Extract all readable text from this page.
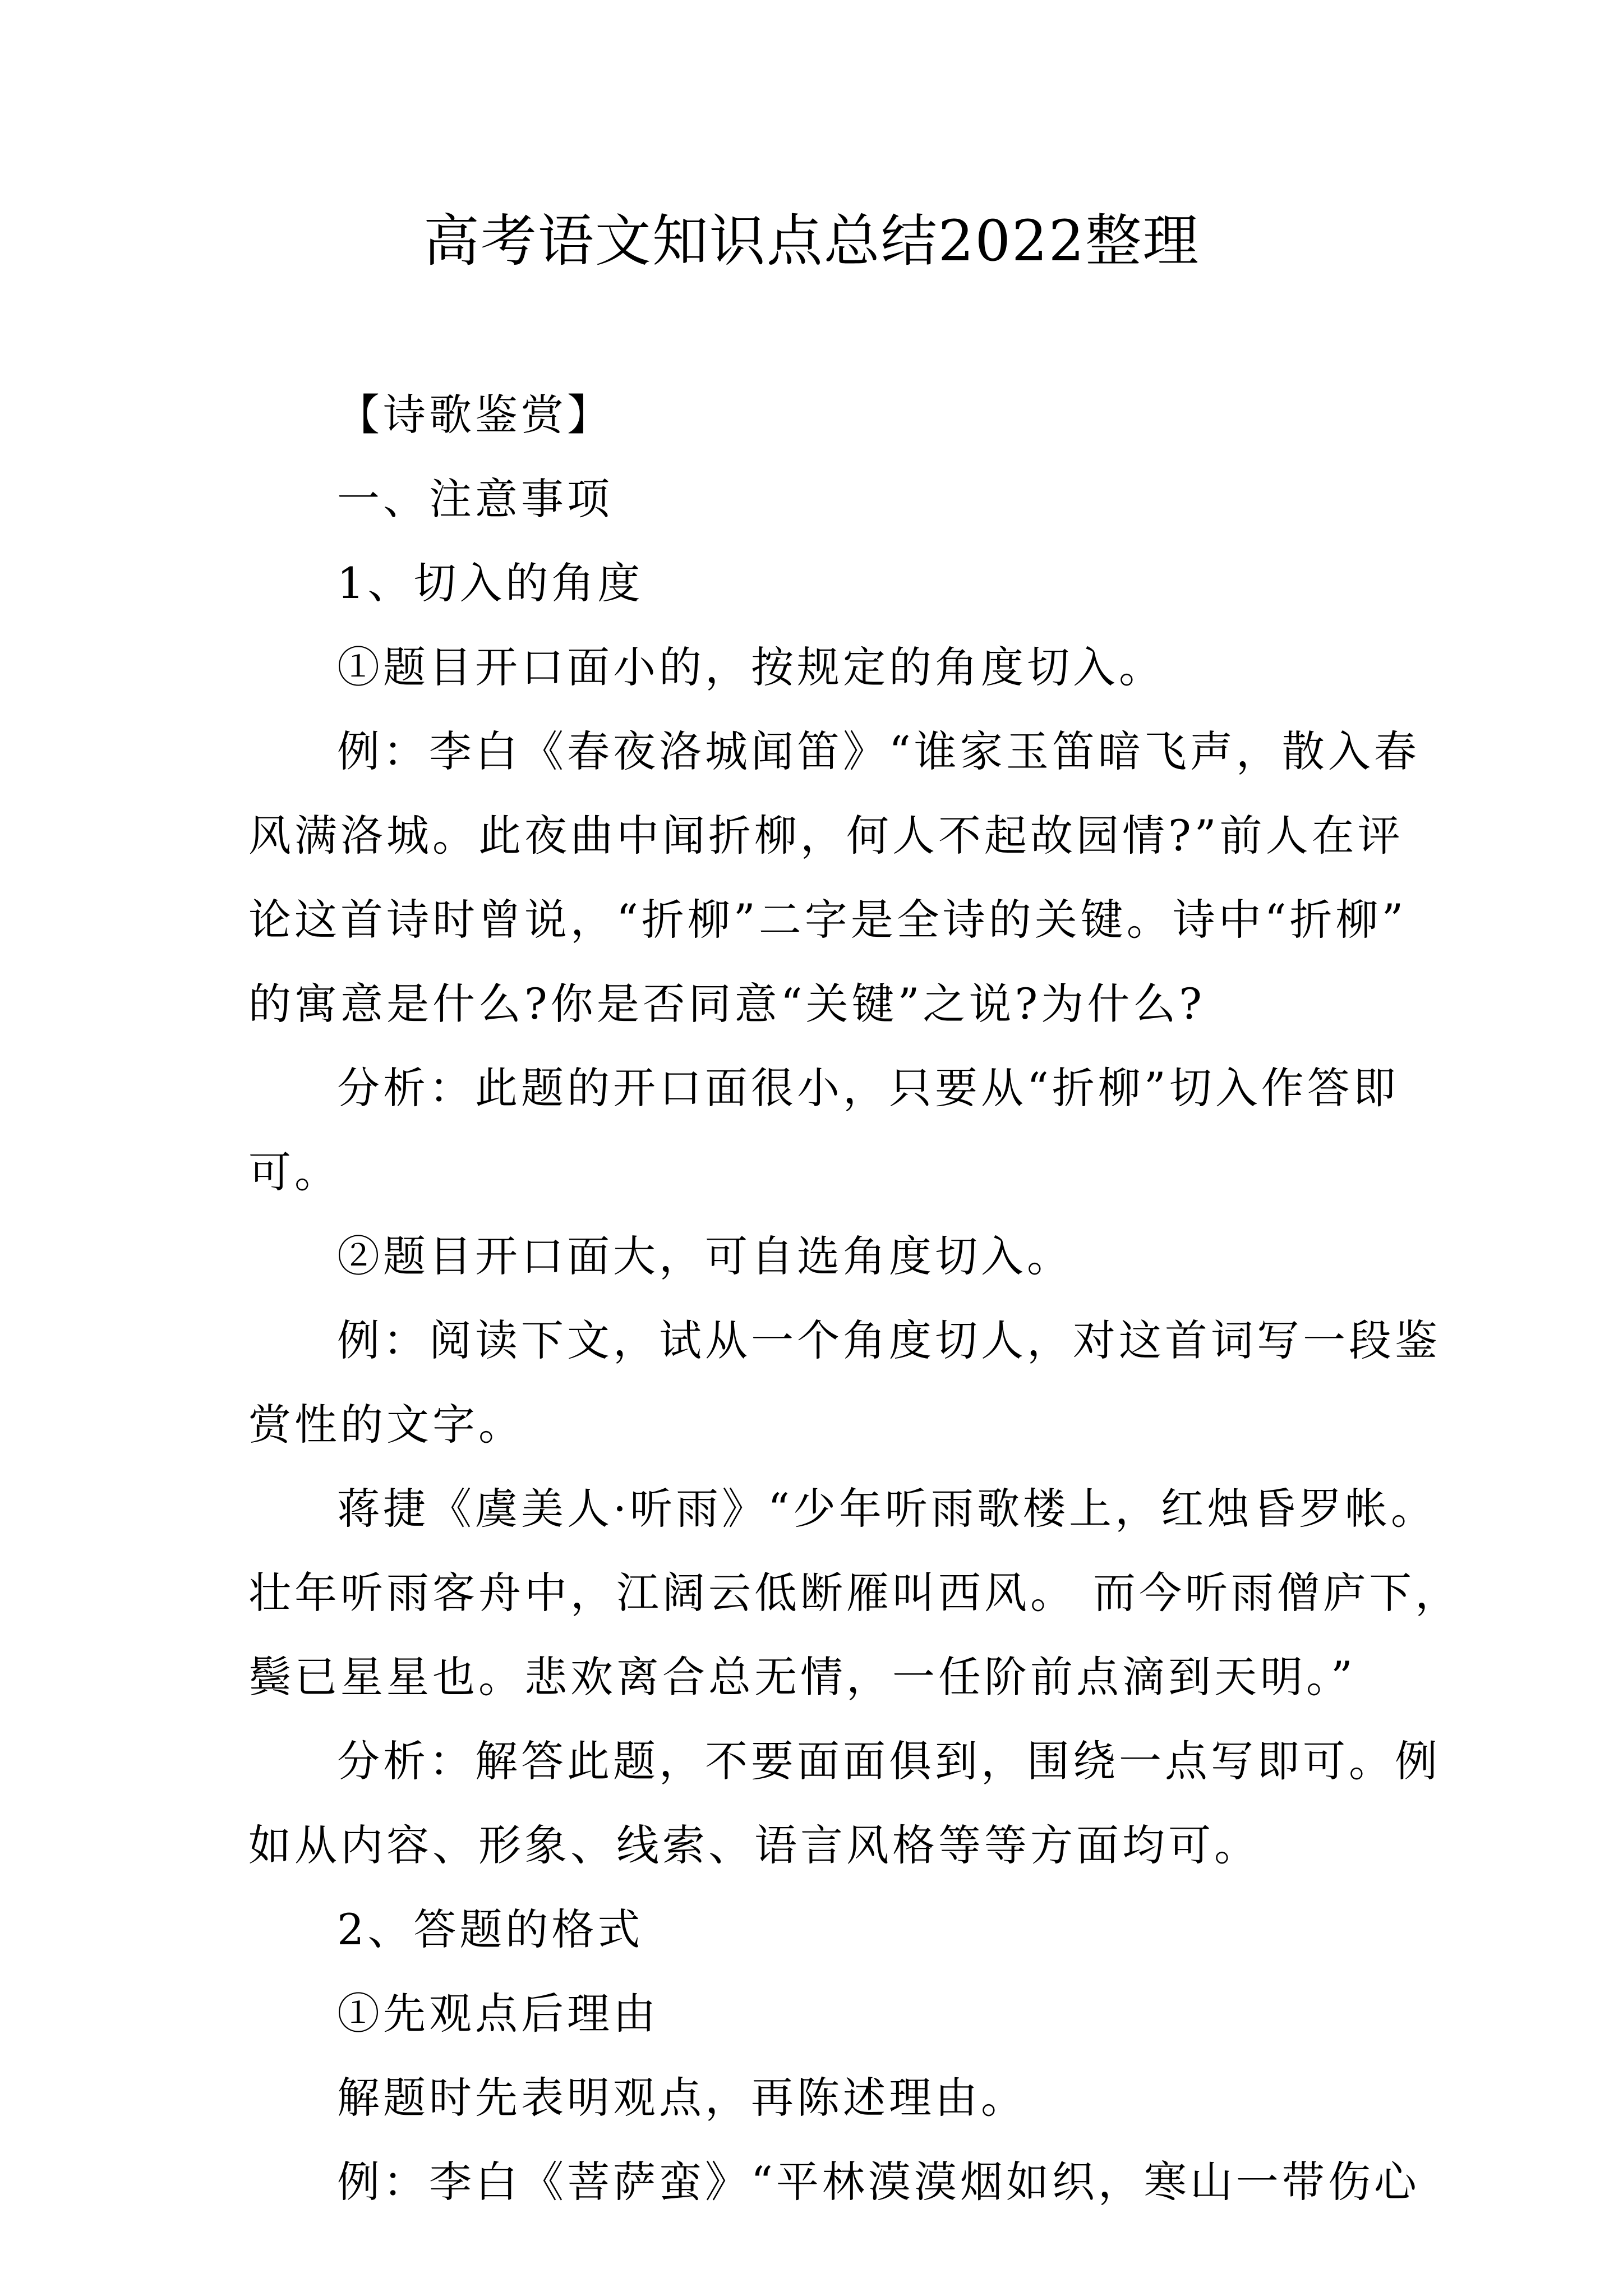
高考语文知识点总结2022整理

【诗歌鉴赏】

一、注意事项

1、切入的角度

①题目开口面小的，按规定的角度切入。

例：李白《春夜洛城闻笛》“谁家玉笛暗飞声，散入春

风满洛城。此夜曲中闻折柳，何人不起故园情?”前人在评

论这首诗时曾说，“折柳”二字是全诗的关键。诗中“折柳”

的寓意是什么?你是否同意“关键”之说?为什么?

分析：此题的开口面很小，只要从“折柳”切入作答即

可。

②题目开口面大，可自选角度切入。

例：阅读下文，试从一个角度切人，对这首词写一段鉴

赏性的文字。

蒋捷《虞美人·听雨》“少年听雨歌楼上，红烛昏罗帐。

壮年听雨客舟中，江阔云低断雁叫西风。 而今听雨僧庐下，

鬓已星星也。悲欢离合总无情，一任阶前点滴到天明。”

分析：解答此题，不要面面俱到，围绕一点写即可。例

如从内容、形象、线索、语言风格等等方面均可。

2、答题的格式

①先观点后理由

解题时先表明观点，再陈述理由。

例：李白《菩萨蛮》“平林漠漠烟如织，寒山一带伤心
